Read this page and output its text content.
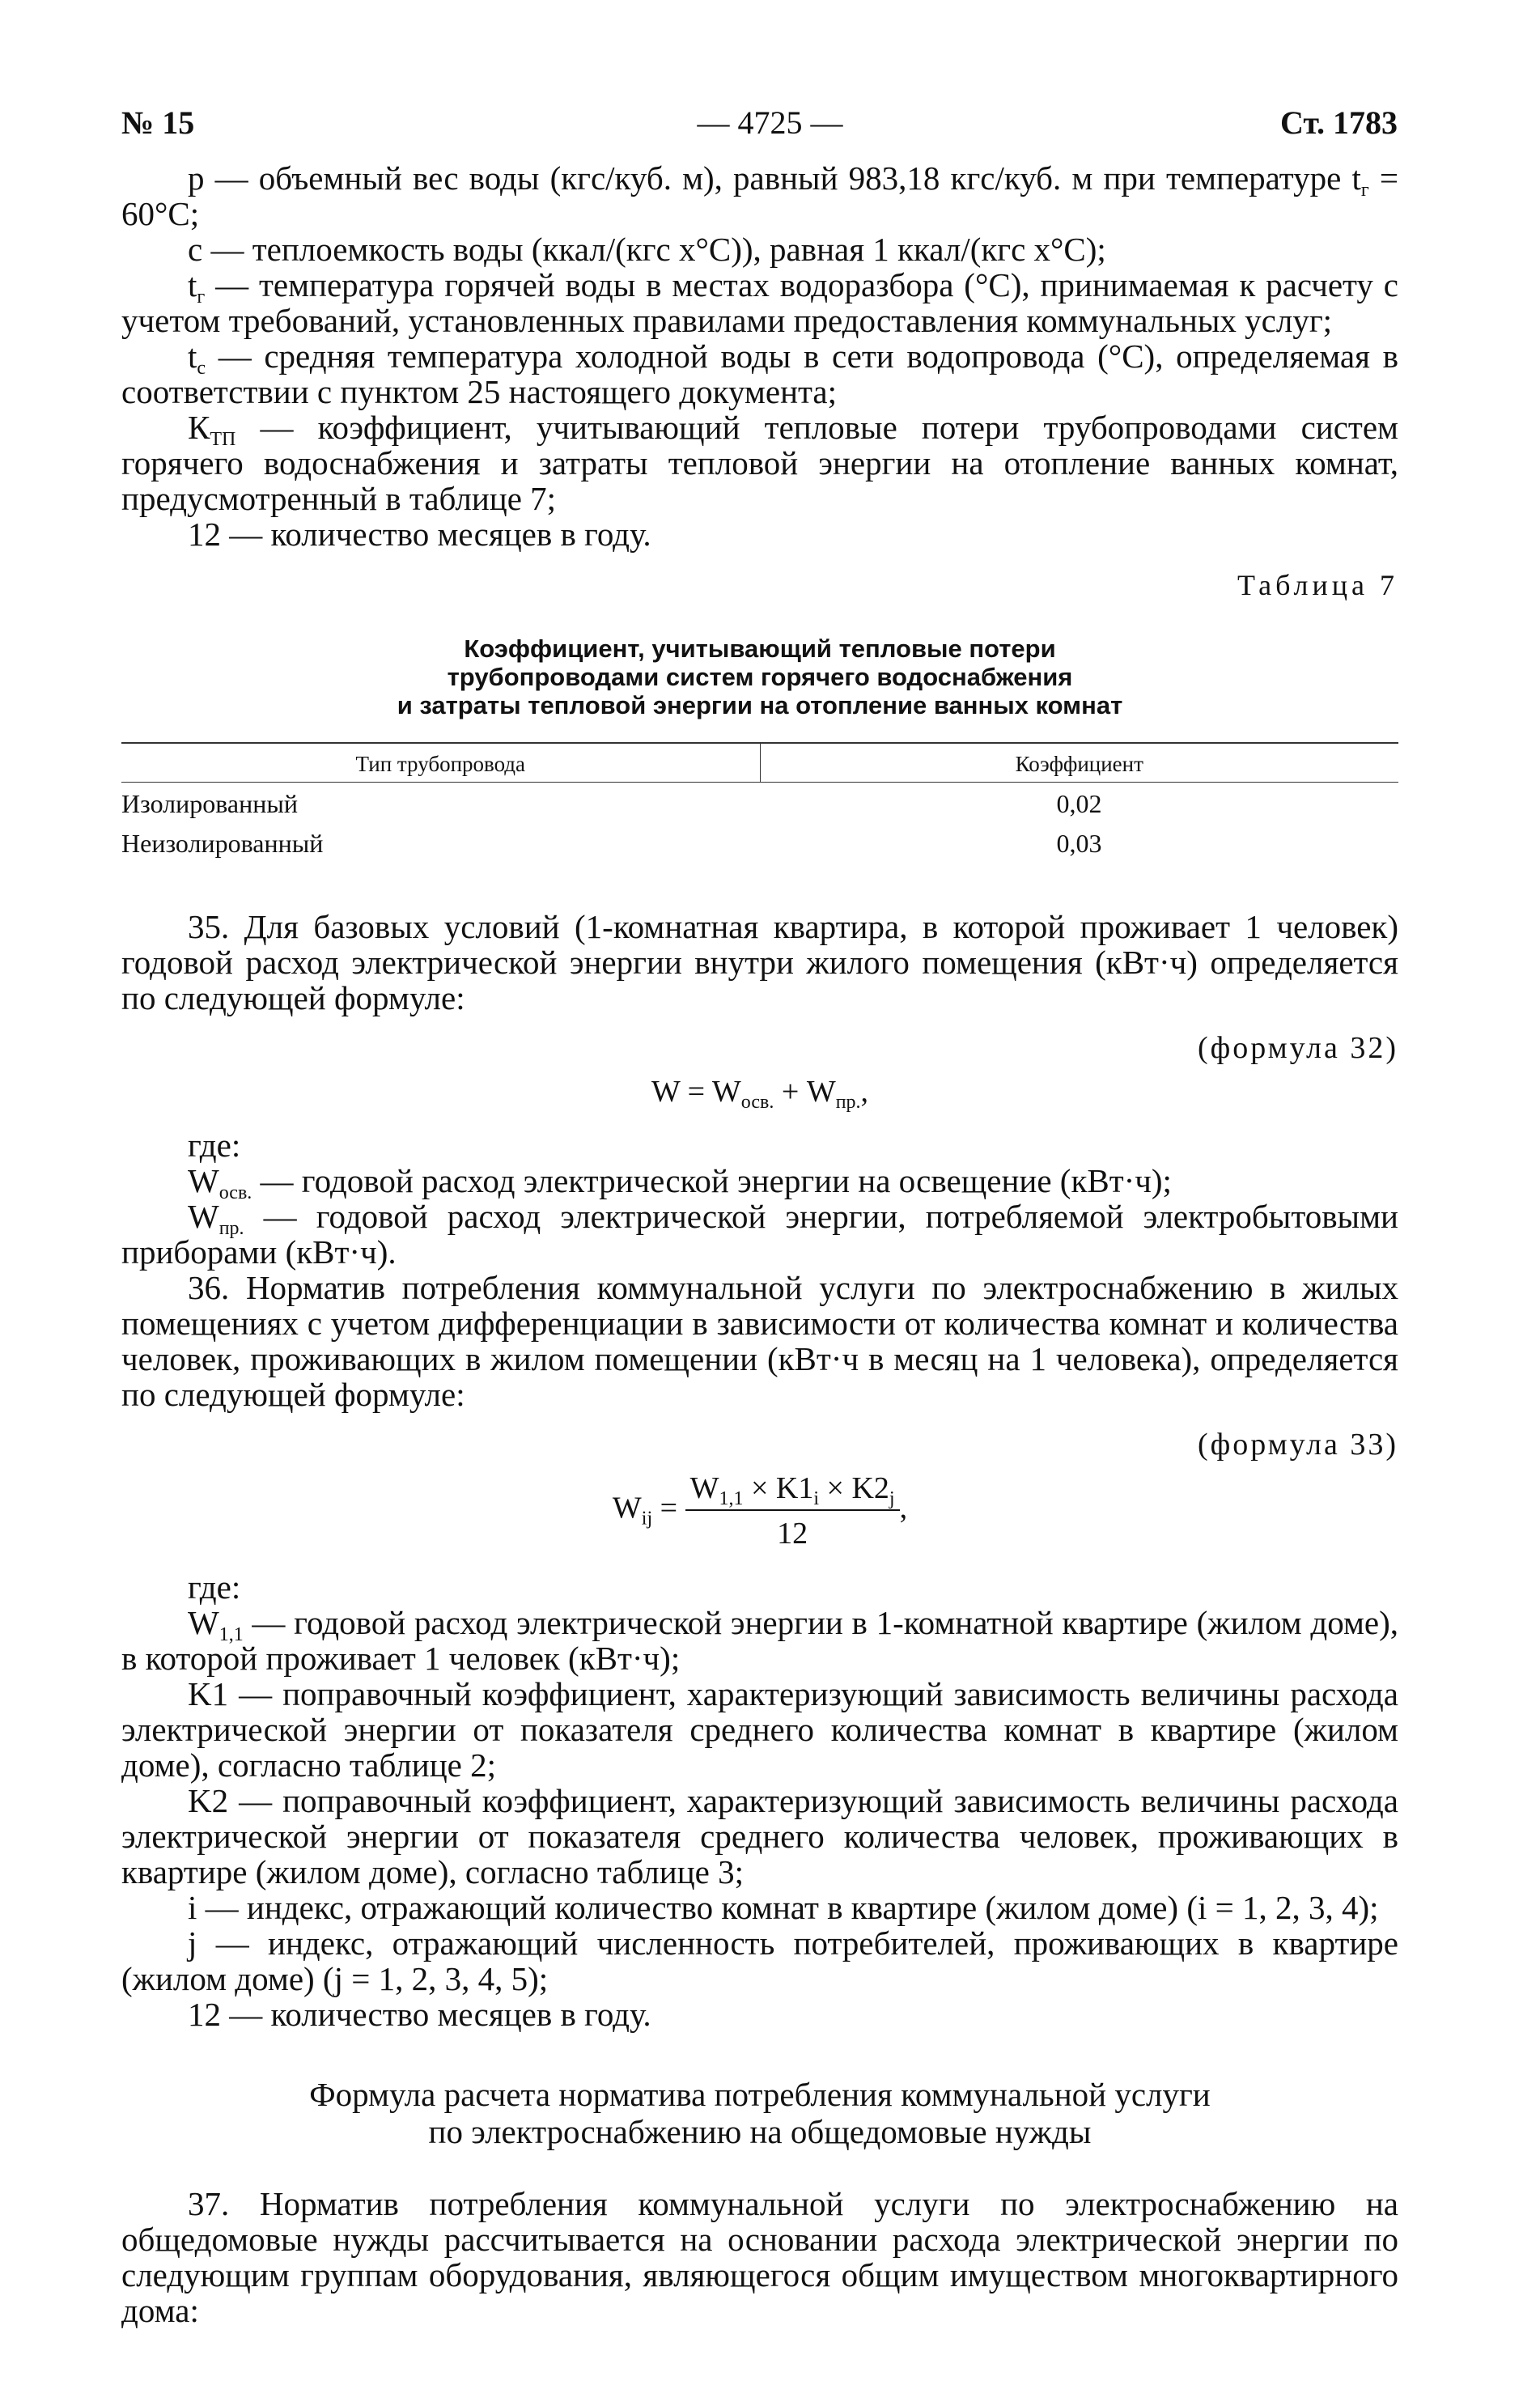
№ 15	— 4725 —	Ст. 1783

p — объемный вес воды (кгс/куб. м), равный 983,18 кгс/куб. м при температуре $t_г = 60^\circ С$;

с — теплоемкость воды (ккал/(кгс х°С)), равная 1 ккал/(кгс х°С);

$t_г$ — температура горячей воды в местах водоразбора (°С), принимаемая к расчету с учетом требований, установленных правилами предоставления коммунальных услуг;

$t_с$ — средняя температура холодной воды в сети водопровода (°С), определяемая в соответствии с пунктом 25 настоящего документа;

$К_{ТП}$ — коэффициент, учитывающий тепловые потери трубопроводами систем горячего водоснабжения и затраты тепловой энергии на отопление ванных комнат, предусмотренный в таблице 7;

12 — количество месяцев в году.

Таблица 7
Коэффициент, учитывающий тепловые потери
трубопроводами систем горячего водоснабжения
и затраты тепловой энергии на отопление ванных комнат
Тип трубопровода	Коэффициент
Изолированный	0,02
Неизолированный	0,03

35. Для базовых условий (1-комнатная квартира, в которой проживает 1 человек) годовой расход электрической энергии внутри жилого помещения (кВт·ч) определяется по следующей формуле:

(формула 32)
$W = W_{осв.} + W_{пр.}$,

где:

$W_{осв.}$ — годовой расход электрической энергии на освещение (кВт·ч);

$W_{пр.}$ — годовой расход электрической энергии, потребляемой электробытовыми приборами (кВт·ч).

36. Норматив потребления коммунальной услуги по электроснабжению в жилых помещениях с учетом дифференциации в зависимости от количества комнат и количества человек, проживающих в жилом помещении (кВт·ч в месяц на 1 человека), определяется по следующей формуле:

(формула 33)
$W_{ij} = \frac{W_{1,1} \times K1_i \times K2_j}{12}$ ,

где:

$W_{1,1}$ — годовой расход электрической энергии в 1-комнатной квартире (жилом доме), в которой проживает 1 человек (кВт·ч);

K1 — поправочный коэффициент, характеризующий зависимость величины расхода электрической энергии от показателя среднего количества комнат в квартире (жилом доме), согласно таблице 2;

K2 — поправочный коэффициент, характеризующий зависимость величины расхода электрической энергии от показателя среднего количества человек, проживающих в квартире (жилом доме), согласно таблице 3;

i — индекс, отражающий количество комнат в квартире (жилом доме) (i = 1, 2, 3, 4);

j — индекс, отражающий численность потребителей, проживающих в квартире (жилом доме) (j = 1, 2, 3, 4, 5);

12 — количество месяцев в году.

Формула расчета норматива потребления коммунальной услуги
по электроснабжению на общедомовые нужды

37. Норматив потребления коммунальной услуги по электроснабжению на общедомовые нужды рассчитывается на основании расхода электрической энергии по следующим группам оборудования, являющегося общим имуществом многоквартирного дома:
